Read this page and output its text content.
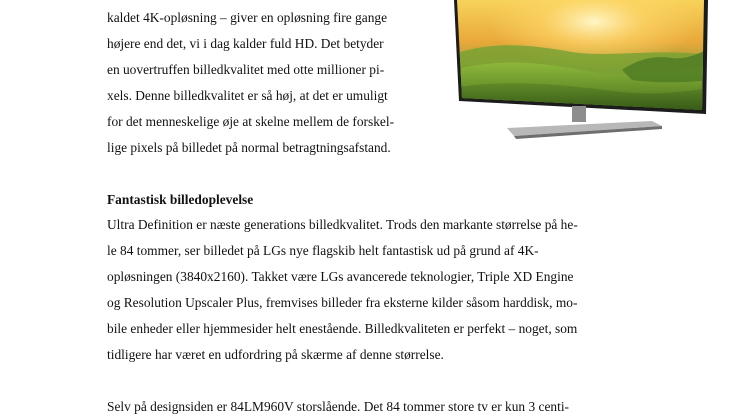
kaldet 4K-opløsning – giver en opløsning fire gange

højere end det, vi i dag kalder fuld HD. Det betyder

en uovertruffen billedkvalitet med otte millioner pi-

xels. Denne billedkvalitet er så høj, at det er umuligt

for det menneskelige øje at skelne mellem de forskel-

lige pixels på billedet på normal betragtningsafstand.

Fantastisk billedoplevelse

Ultra Definition er næste generations billedkvalitet. Trods den markante størrelse på he-

le 84 tommer, ser billedet på LGs nye flagskib helt fantastisk ud på grund af 4K-

opløsningen (3840x2160). Takket være LGs avancerede teknologier, Triple XD Engine

og Resolution Upscaler Plus, fremvises billeder fra eksterne kilder såsom harddisk, mo-

bile enheder eller hjemmesider helt enestående. Billedkvaliteten er perfekt – noget, som

tidligere har været en udfordring på skærme af denne størrelse.

Selv på designsiden er 84LM960V storslående. Det 84 tommer store tv er kun 3 centi-
